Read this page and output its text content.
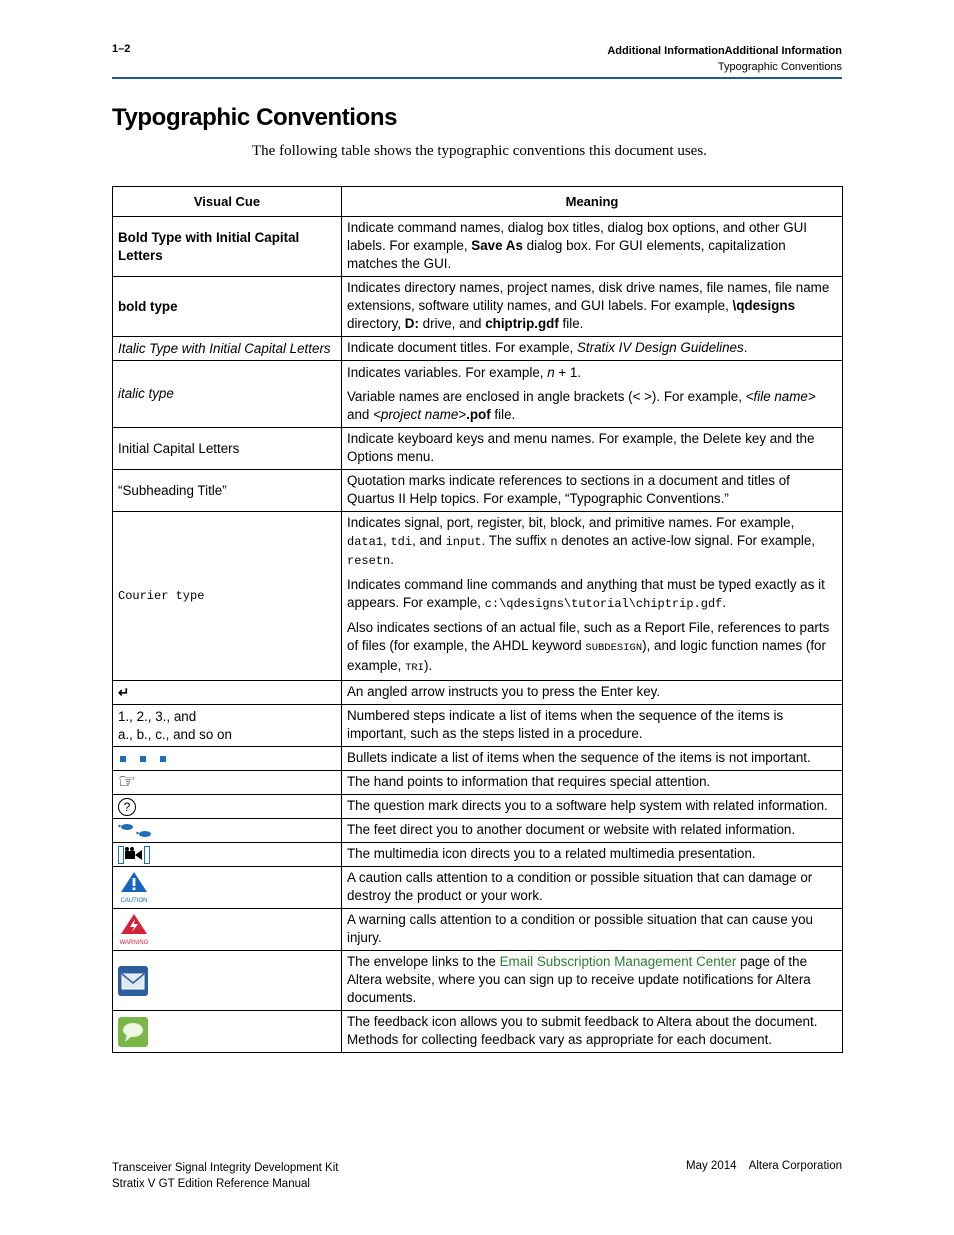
1–2	Additional InformationAdditional Information
Typographic Conventions
Typographic Conventions
The following table shows the typographic conventions this document uses.
Visual Cue	Meaning
Bold Type with Initial Capital Letters	Indicate command names, dialog box titles, dialog box options, and other GUI labels. For example, Save As dialog box. For GUI elements, capitalization matches the GUI.
bold type	Indicates directory names, project names, disk drive names, file names, file name extensions, software utility names, and GUI labels. For example, \qdesigns directory, D: drive, and chiptrip.gdf file.
Italic Type with Initial Capital Letters	Indicate document titles. For example, Stratix IV Design Guidelines.
italic type	Indicates variables. For example, n + 1.

Variable names are enclosed in angle brackets (< >). For example, <file name> and <project name>.pof file.

Initial Capital Letters	Indicate keyboard keys and menu names. For example, the Delete key and the Options menu.
“Subheading Title”	Quotation marks indicate references to sections in a document and titles of Quartus II Help topics. For example, “Typographic Conventions.”
Courier type	Indicates signal, port, register, bit, block, and primitive names. For example, data1, tdi, and input. The suffix n denotes an active-low signal. For example, resetn.

Indicates command line commands and anything that must be typed exactly as it appears. For example, c:\qdesigns\tutorial\chiptrip.gdf.

Also indicates sections of an actual file, such as a Report File, references to parts of files (for example, the AHDL keyword SUBDESIGN), and logic function names (for example, TRI).

↵	An angled arrow instructs you to press the Enter key.

1., 2., 3., and
a., b., c., and so on	Numbered steps indicate a list of items when the sequence of the items is important, such as the steps listed in a procedure.
	Bullets indicate a list of items when the sequence of the items is not important.
☞	The hand points to information that requires special attention.
?	The question mark directs you to a software help system with related information.
	The feet direct you to another document or website with related information.
	The multimedia icon directs you to a related multimedia presentation.

CAUTION	A caution calls attention to a condition or possible situation that can damage or destroy the product or your work.

WARNING	A warning calls attention to a condition or possible situation that can cause you injury.
	The envelope links to the Email Subscription Management Center page of the Altera website, where you can sign up to receive update notifications for Altera documents.
	The feedback icon allows you to submit feedback to Altera about the document. Methods for collecting feedback vary as appropriate for each document.
Transceiver Signal Integrity Development Kit
Stratix V GT Edition Reference Manual
May 2014    Altera Corporation
